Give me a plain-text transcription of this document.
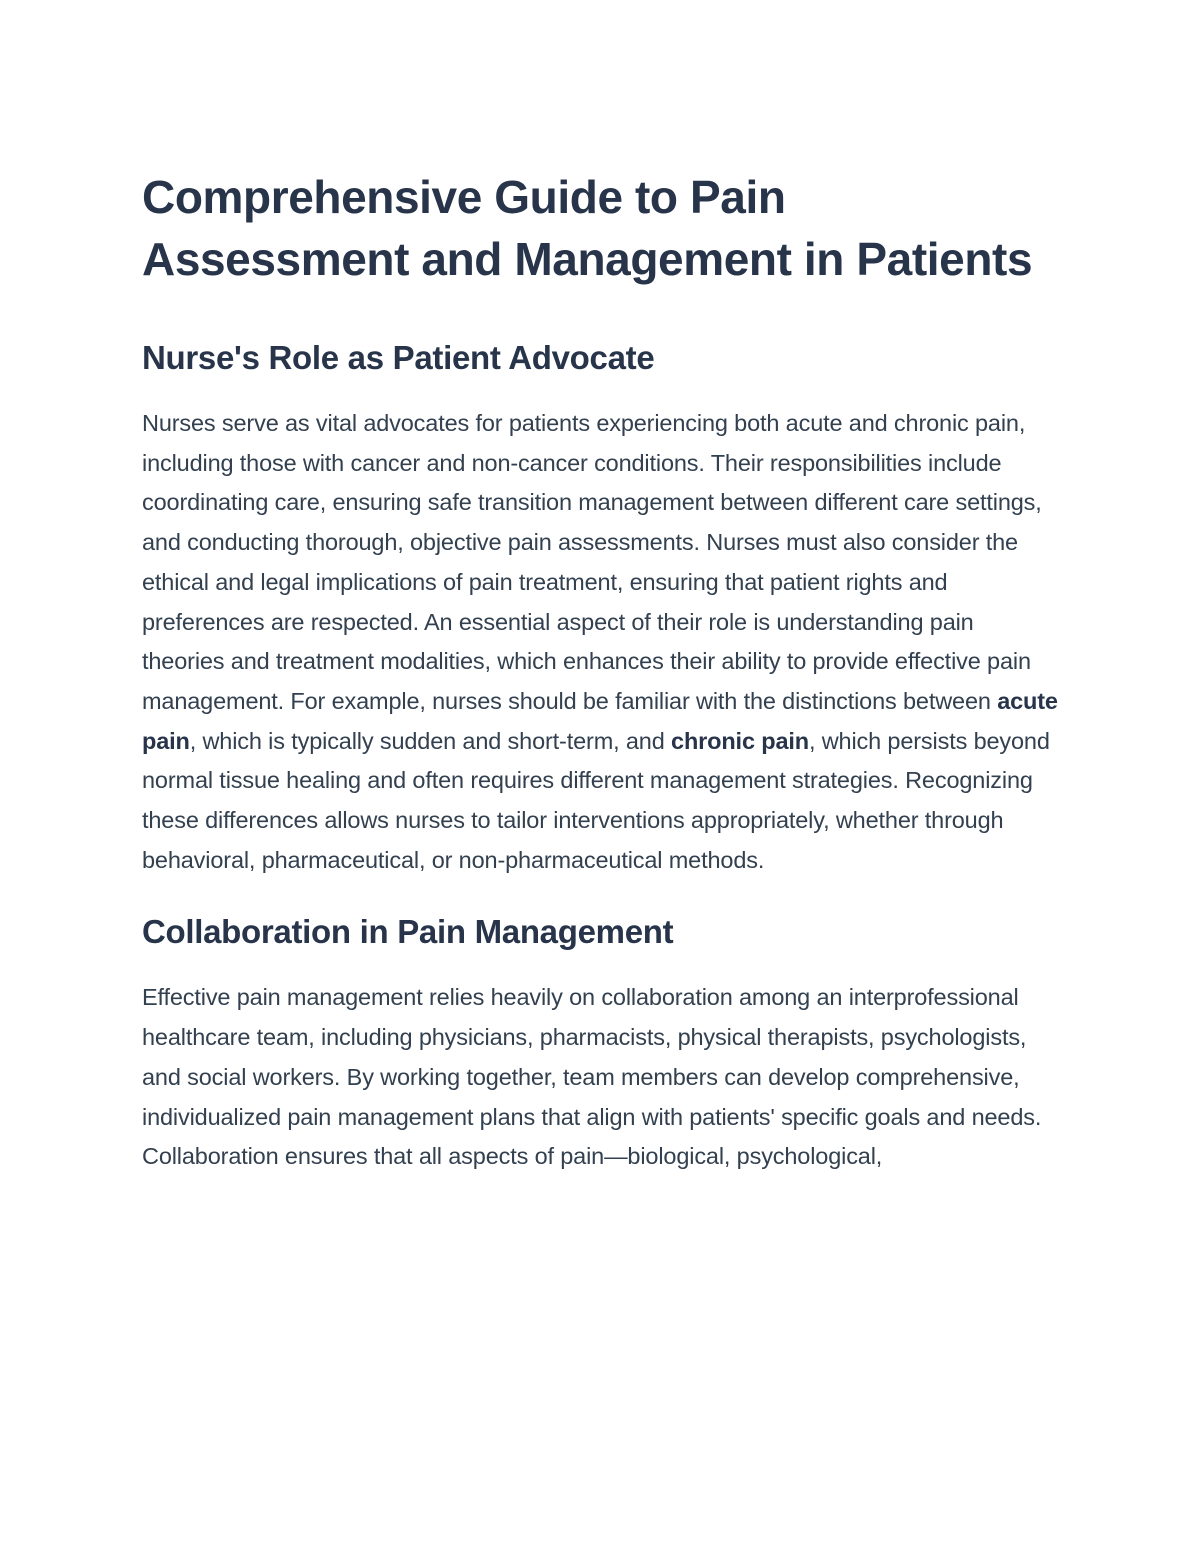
Comprehensive Guide to Pain Assessment and Management in Patients
Nurse's Role as Patient Advocate

Nurses serve as vital advocates for patients experiencing both acute and chronic pain, including those with cancer and non-cancer conditions. Their responsibilities include coordinating care, ensuring safe transition management between different care settings, and conducting thorough, objective pain assessments. Nurses must also consider the ethical and legal implications of pain treatment, ensuring that patient rights and preferences are respected. An essential aspect of their role is understanding pain theories and treatment modalities, which enhances their ability to provide effective pain management. For example, nurses should be familiar with the distinctions between acute pain, which is typically sudden and short-term, and chronic pain, which persists beyond normal tissue healing and often requires different management strategies. Recognizing these differences allows nurses to tailor interventions appropriately, whether through behavioral, pharmaceutical, or non-pharmaceutical methods.

Collaboration in Pain Management

Effective pain management relies heavily on collaboration among an interprofessional healthcare team, including physicians, pharmacists, physical therapists, psychologists, and social workers. By working together, team members can develop comprehensive, individualized pain management plans that align with patients' specific goals and needs. Collaboration ensures that all aspects of pain—biological, psychological,
